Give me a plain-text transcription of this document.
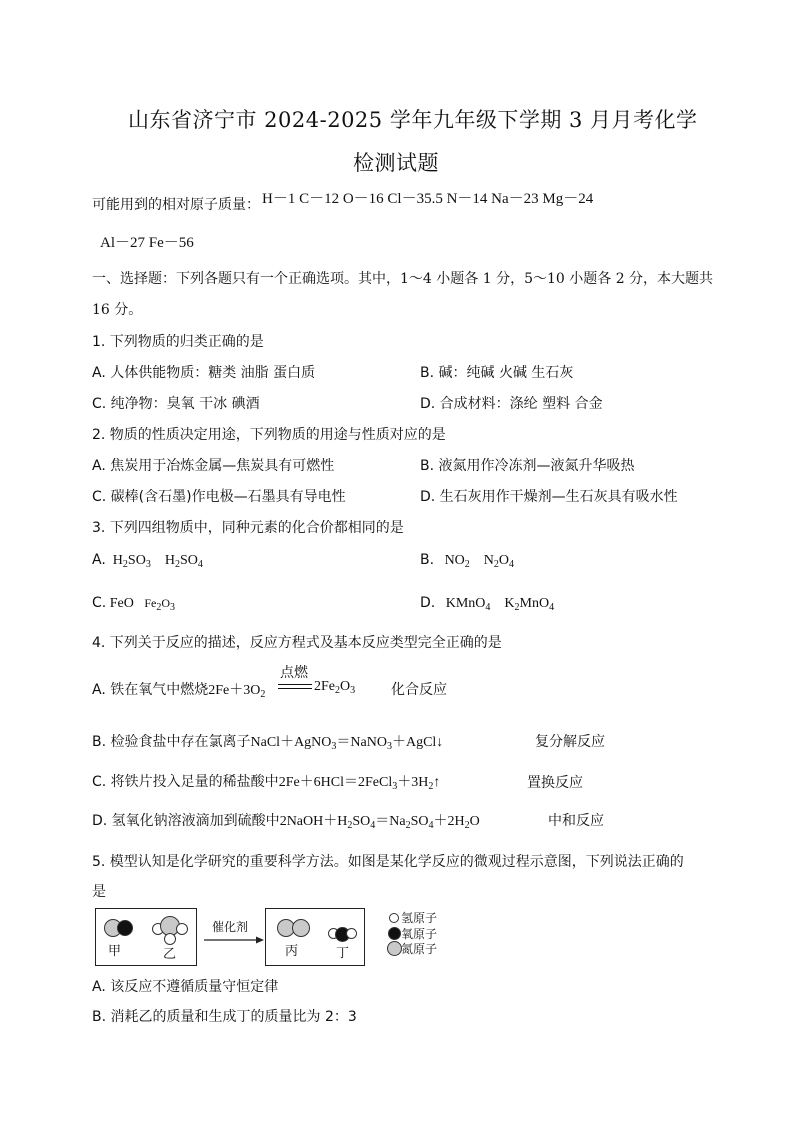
山东省济宁市 2024-2025 学年九年级下学期 3 月月考化学
检测试题
可能用到的相对原子质量： H－1 C－12 O－16 Cl－35.5 N－14 Na－23 Mg－24
Al－27 Fe－56
一、选择题：下列各题只有一个正确选项。其中，1～4 小题各 1 分，5～10 小题各 2 分，本大题共
16 分。
1. 下列物质的归类正确的是
A. 人体供能物质：糖类 油脂 蛋白质	B. 碱：纯碱 火碱 生石灰
C. 纯净物：臭氧 干冰 碘酒	D. 合成材料：涤纶 塑料 合金
2. 物质的性质决定用途，下列物质的用途与性质对应的是
A. 焦炭用于冶炼金属—焦炭具有可燃性	B. 液氮用作冷冻剂—液氮升华吸热
C. 碳棒(含石墨)作电极—石墨具有导电性	D. 生石灰用作干燥剂—生石灰具有吸水性
3. 下列四组物质中，同种元素的化合价都相同的是
A. $H_2SO_3$ $H_2SO_4$	B. $NO_2$ $N_2O_4$
C. FeO $Fe_2O_3$	D. KMnO$_4$ $K_2MnO_4$
4. 下列关于反应的描述，反应方程式及基本反应类型完全正确的是
A. 铁在氧气中燃烧$2Fe+3O_2$
点燃
$2Fe_2O_3$	化合反应
B. 检验食盐中存在氯离子NaCl＋AgNO$_3$＝NaNO$_3$＋AgCl↓	复分解反应
C. 将铁片投入足量的稀盐酸中$2Fe+6HCl=2FeCl_3+3H_2↑$	置换反应
D. 氢氧化钠溶液滴加到硫酸中$2NaOH+H_2SO_4=Na_2SO_4+2H_2O$	中和反应
5. 模型认知是化学研究的重要科学方法。如图是某化学反应的微观过程示意图，下列说法正确的
是
甲	乙
催化剂
丙	丁
氢原子
氧原子
氮原子
A. 该反应不遵循质量守恒定律
B. 消耗乙的质量和生成丁的质量比为 2：3
